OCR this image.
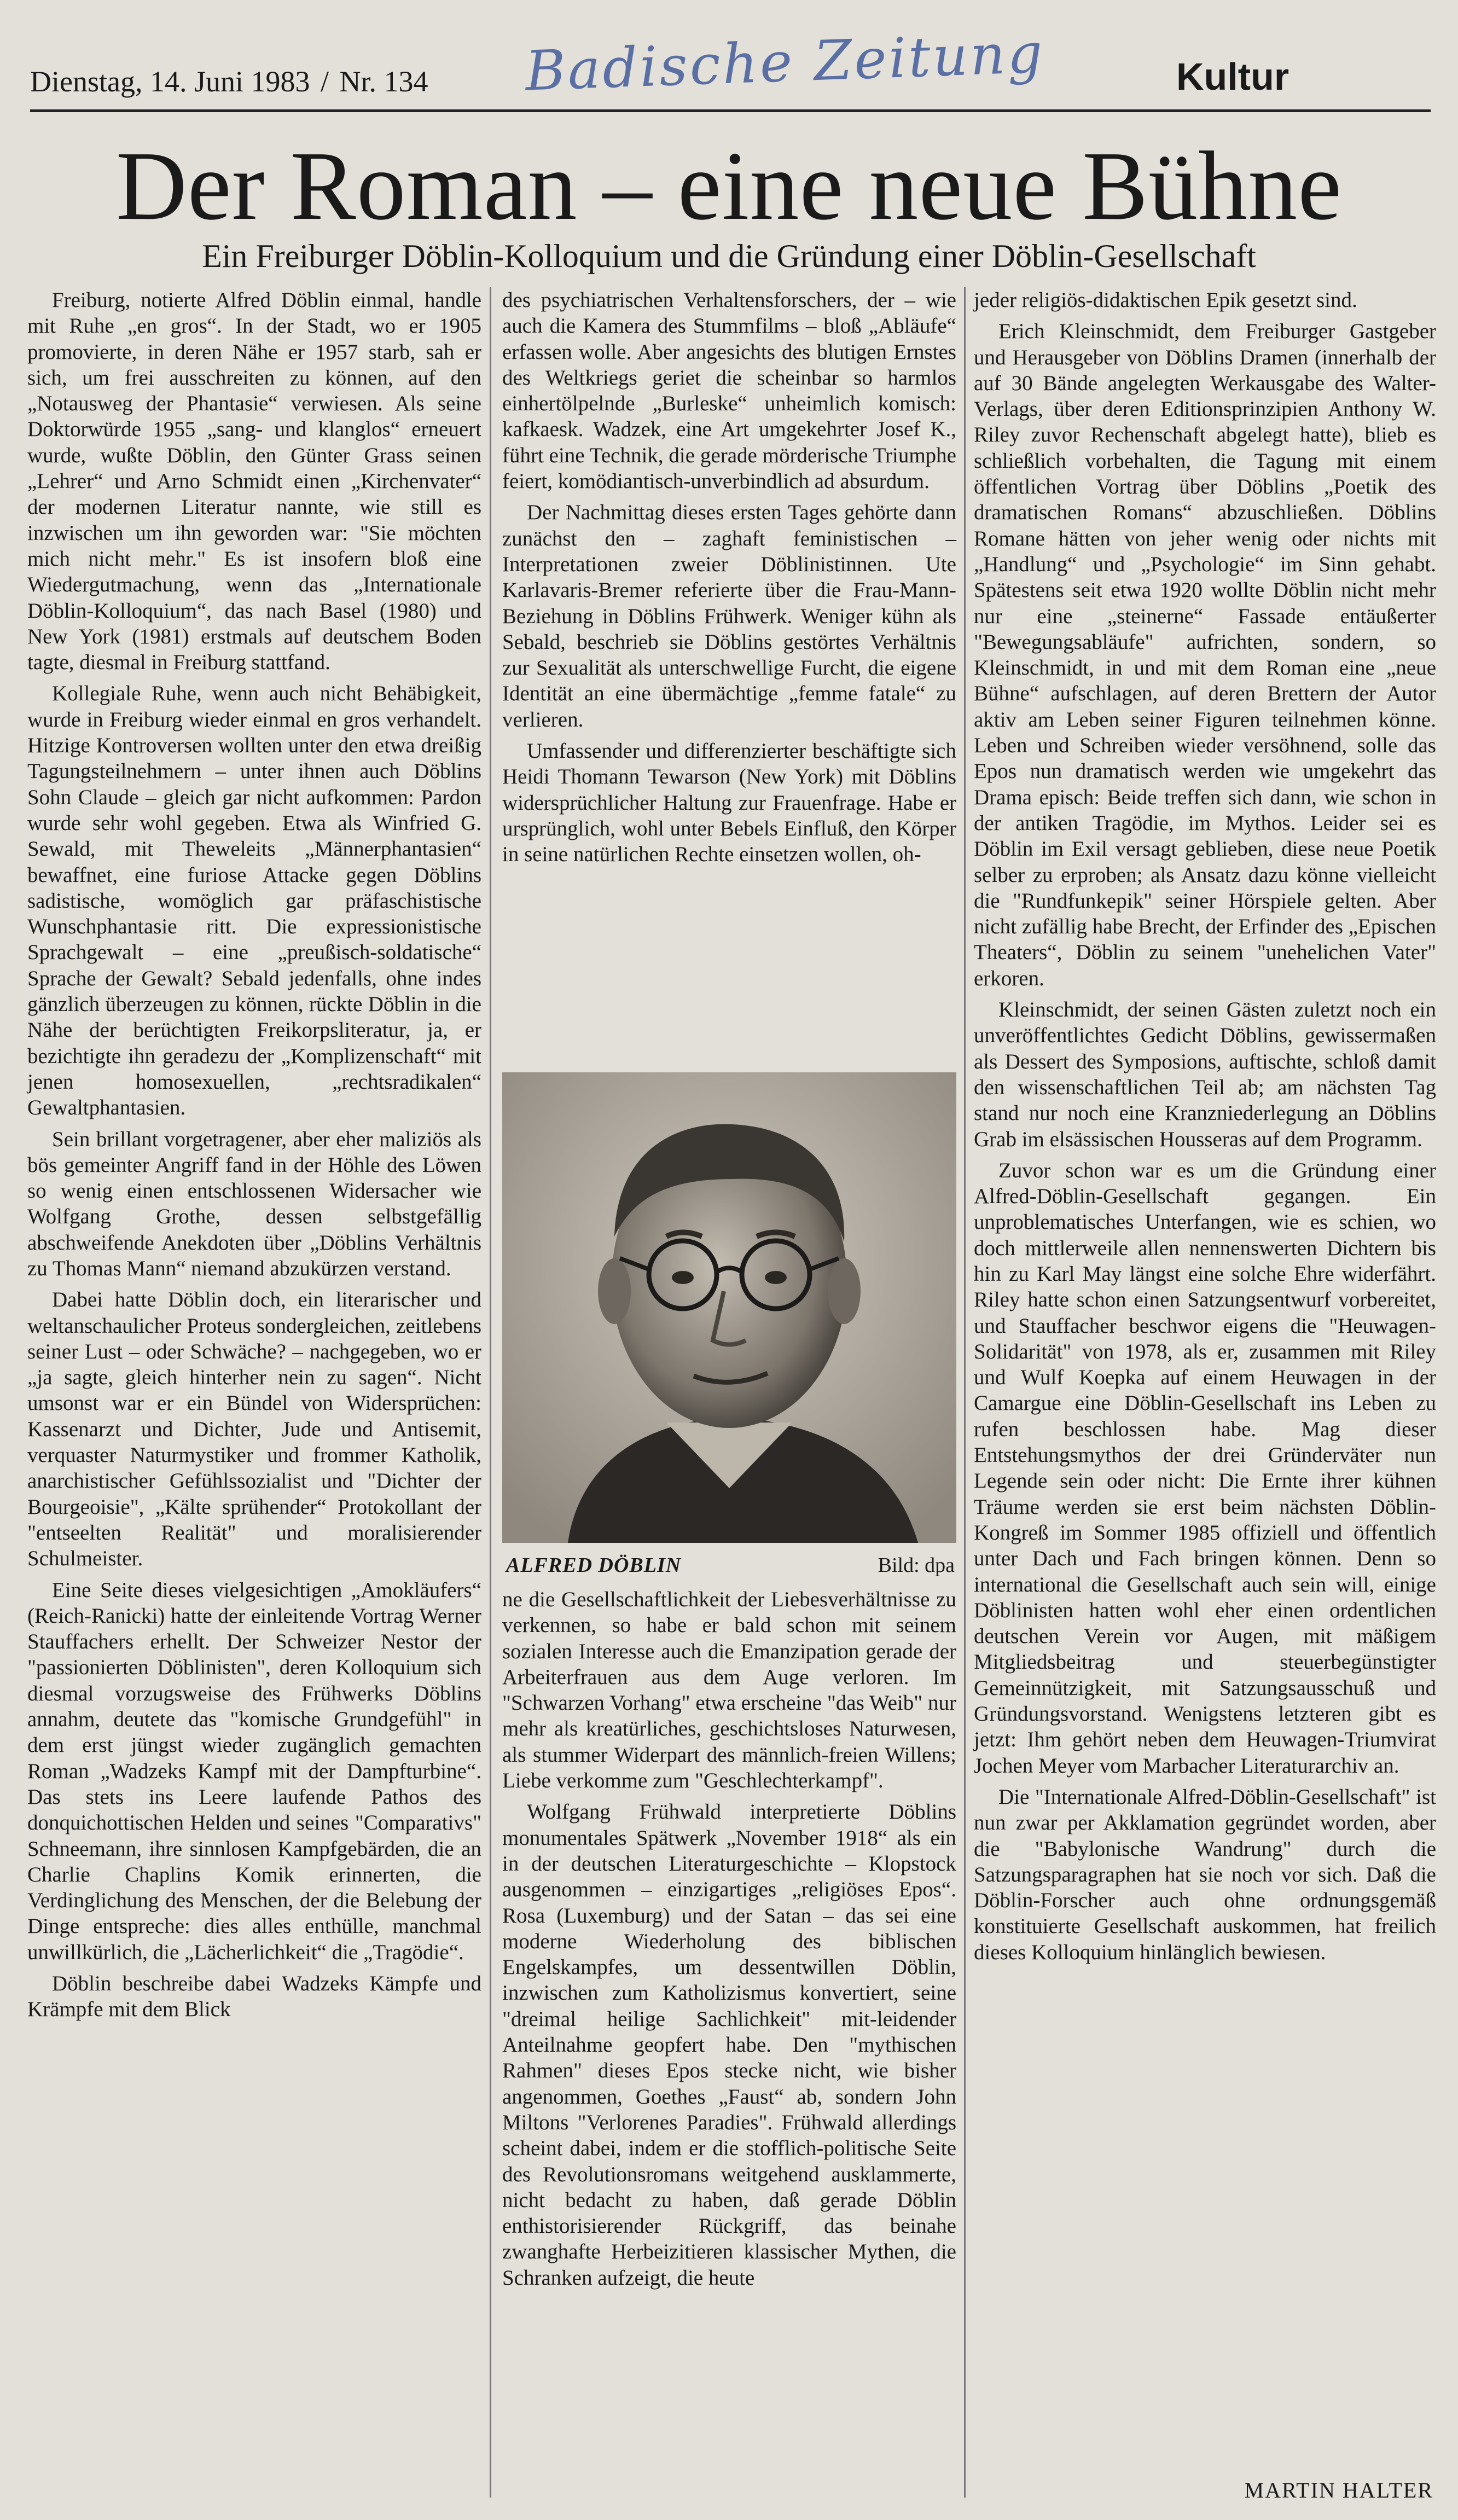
Badische Zeitung
Dienstag, 14. Juni 1983 / Nr. 134	Kultur
Der Roman – eine neue Bühne
Ein Freiburger Döblin-Kolloquium und die Gründung einer Döblin-Gesellschaft

Freiburg, notierte Alfred Döblin einmal, handle mit Ruhe „en gros“. In der Stadt, wo er 1905 promovierte, in deren Nähe er 1957 starb, sah er sich, um frei ausschreiten zu können, auf den „Notausweg der Phantasie“ verwiesen. Als seine Doktorwürde 1955 „sang- und klanglos“ erneuert wurde, wußte Döblin, den Günter Grass seinen „Lehrer“ und Arno Schmidt einen „Kirchenvater“ der modernen Literatur nannte, wie still es inzwischen um ihn geworden war: "Sie möchten mich nicht mehr." Es ist insofern bloß eine Wiedergutmachung, wenn das „Internationale Döblin-Kolloquium“, das nach Basel (1980) und New York (1981) erstmals auf deutschem Boden tagte, diesmal in Freiburg stattfand.

Kollegiale Ruhe, wenn auch nicht Behäbigkeit, wurde in Freiburg wieder einmal en gros verhandelt. Hitzige Kontroversen wollten unter den etwa dreißig Tagungsteilnehmern – unter ihnen auch Döblins Sohn Claude – gleich gar nicht aufkommen: Pardon wurde sehr wohl gegeben. Etwa als Winfried G. Sewald, mit Theweleits „Männerphantasien“ bewaffnet, eine furiose Attacke gegen Döblins sadistische, womöglich gar präfaschistische Wunschphantasie ritt. Die expressionistische Sprachgewalt – eine „preußisch-soldatische“ Sprache der Gewalt? Sebald jedenfalls, ohne indes gänzlich überzeugen zu können, rückte Döblin in die Nähe der berüchtigten Freikorpsliteratur, ja, er bezichtigte ihn geradezu der „Komplizenschaft“ mit jenen homosexuellen, „rechtsradikalen“ Gewaltphantasien.

Sein brillant vorgetragener, aber eher maliziös als bös gemeinter Angriff fand in der Höhle des Löwen so wenig einen entschlossenen Widersacher wie Wolfgang Grothe, dessen selbstgefällig abschweifende Anekdoten über „Döblins Verhältnis zu Thomas Mann“ niemand abzukürzen verstand.

Dabei hatte Döblin doch, ein literarischer und weltanschaulicher Proteus sondergleichen, zeitlebens seiner Lust – oder Schwäche? – nachgegeben, wo er „ja sagte, gleich hinterher nein zu sagen“. Nicht umsonst war er ein Bündel von Widersprüchen: Kassenarzt und Dichter, Jude und Antisemit, verquaster Naturmystiker und frommer Katholik, anarchistischer Gefühlssozialist und "Dichter der Bourgeoisie", „Kälte sprühender“ Protokollant der "entseelten Realität" und moralisierender Schulmeister.

Eine Seite dieses vielgesichtigen „Amokläufers“ (Reich-Ranicki) hatte der einleitende Vortrag Werner Stauffachers erhellt. Der Schweizer Nestor der "passionierten Döblinisten", deren Kolloquium sich diesmal vorzugsweise des Frühwerks Döblins annahm, deutete das "komische Grundgefühl" in dem erst jüngst wieder zugänglich gemachten Roman „Wadzeks Kampf mit der Dampfturbine“. Das stets ins Leere laufende Pathos des donquichottischen Helden und seines "Comparativs" Schneemann, ihre sinnlosen Kampfgebärden, die an Charlie Chaplins Komik erinnerten, die Verdinglichung des Menschen, der die Belebung der Dinge entspreche: dies alles enthülle, manchmal unwillkürlich, die „Lächerlichkeit“ die „Tragödie“.

Döblin beschreibe dabei Wadzeks Kämpfe und Krämpfe mit dem Blick

des psychiatrischen Verhaltensforschers, der – wie auch die Kamera des Stummfilms – bloß „Abläufe“ erfassen wolle. Aber angesichts des blutigen Ernstes des Weltkriegs geriet die scheinbar so harmlos einhertölpelnde „Burleske“ unheimlich komisch: kafkaesk. Wadzek, eine Art umgekehrter Josef K., führt eine Technik, die gerade mörderische Triumphe feiert, komödiantisch-unverbindlich ad absurdum.

Der Nachmittag dieses ersten Tages gehörte dann zunächst den – zaghaft feministischen – Interpretationen zweier Döblinistinnen. Ute Karlavaris-Bremer referierte über die Frau-Mann-Beziehung in Döblins Frühwerk. Weniger kühn als Sebald, beschrieb sie Döblins gestörtes Verhältnis zur Sexualität als unterschwellige Furcht, die eigene Identität an eine übermächtige „femme fatale“ zu verlieren.

Umfassender und differenzierter beschäftigte sich Heidi Thomann Tewarson (New York) mit Döblins widersprüchlicher Haltung zur Frauenfrage. Habe er ursprünglich, wohl unter Bebels Einfluß, den Körper in seine natürlichen Rechte einsetzen wollen, oh-

ALFRED DÖBLIN	Bild: dpa

ne die Gesellschaftlichkeit der Liebesverhältnisse zu verkennen, so habe er bald schon mit seinem sozialen Interesse auch die Emanzipation gerade der Arbeiterfrauen aus dem Auge verloren. Im "Schwarzen Vorhang" etwa erscheine "das Weib" nur mehr als kreatürliches, geschichtsloses Naturwesen, als stummer Widerpart des männlich-freien Willens; Liebe verkomme zum "Geschlechterkampf".

Wolfgang Frühwald interpretierte Döblins monumentales Spätwerk „November 1918“ als ein in der deutschen Literaturgeschichte – Klopstock ausgenommen – einzigartiges „religiöses Epos“. Rosa (Luxemburg) und der Satan – das sei eine moderne Wiederholung des biblischen Engelskampfes, um dessentwillen Döblin, inzwischen zum Katholizismus konvertiert, seine "dreimal heilige Sachlichkeit" mit-leidender Anteilnahme geopfert habe. Den "mythischen Rahmen" dieses Epos stecke nicht, wie bisher angenommen, Goethes „Faust“ ab, sondern John Miltons "Verlorenes Paradies". Frühwald allerdings scheint dabei, indem er die stofflich-politische Seite des Revolutionsromans weitgehend ausklammerte, nicht bedacht zu haben, daß gerade Döblin enthistorisierender Rückgriff, das beinahe zwanghafte Herbeizitieren klassischer Mythen, die Schranken aufzeigt, die heute

jeder religiös-didaktischen Epik gesetzt sind.

Erich Kleinschmidt, dem Freiburger Gastgeber und Herausgeber von Döblins Dramen (innerhalb der auf 30 Bände angelegten Werkausgabe des Walter-Verlags, über deren Editionsprinzipien Anthony W. Riley zuvor Rechenschaft abgelegt hatte), blieb es schließlich vorbehalten, die Tagung mit einem öffentlichen Vortrag über Döblins „Poetik des dramatischen Romans“ abzuschließen. Döblins Romane hätten von jeher wenig oder nichts mit „Handlung“ und „Psychologie“ im Sinn gehabt. Spätestens seit etwa 1920 wollte Döblin nicht mehr nur eine „steinerne“ Fassade entäußerter "Bewegungsabläufe" aufrichten, sondern, so Kleinschmidt, in und mit dem Roman eine „neue Bühne“ aufschlagen, auf deren Brettern der Autor aktiv am Leben seiner Figuren teilnehmen könne. Leben und Schreiben wieder versöhnend, solle das Epos nun dramatisch werden wie umgekehrt das Drama episch: Beide treffen sich dann, wie schon in der antiken Tragödie, im Mythos. Leider sei es Döblin im Exil versagt geblieben, diese neue Poetik selber zu erproben; als Ansatz dazu könne vielleicht die "Rundfunkepik" seiner Hörspiele gelten. Aber nicht zufällig habe Brecht, der Erfinder des „Epischen Theaters“, Döblin zu seinem "unehelichen Vater" erkoren.

Kleinschmidt, der seinen Gästen zuletzt noch ein unveröffentlichtes Gedicht Döblins, gewissermaßen als Dessert des Symposions, auftischte, schloß damit den wissenschaftlichen Teil ab; am nächsten Tag stand nur noch eine Kranzniederlegung an Döblins Grab im elsässischen Housseras auf dem Programm.

Zuvor schon war es um die Gründung einer Alfred-Döblin-Gesellschaft gegangen. Ein unproblematisches Unterfangen, wie es schien, wo doch mittlerweile allen nennenswerten Dichtern bis hin zu Karl May längst eine solche Ehre widerfährt. Riley hatte schon einen Satzungsentwurf vorbereitet, und Stauffacher beschwor eigens die "Heuwagen-Solidarität" von 1978, als er, zusammen mit Riley und Wulf Koepka auf einem Heuwagen in der Camargue eine Döblin-Gesellschaft ins Leben zu rufen beschlossen habe. Mag dieser Entstehungsmythos der drei Gründerväter nun Legende sein oder nicht: Die Ernte ihrer kühnen Träume werden sie erst beim nächsten Döblin-Kongreß im Sommer 1985 offiziell und öffentlich unter Dach und Fach bringen können. Denn so international die Gesellschaft auch sein will, einige Döblinisten hatten wohl eher einen ordentlichen deutschen Verein vor Augen, mit mäßigem Mitgliedsbeitrag und steuerbegünstigter Gemeinnützigkeit, mit Satzungsausschuß und Gründungsvorstand. Wenigstens letzteren gibt es jetzt: Ihm gehört neben dem Heuwagen-Triumvirat Jochen Meyer vom Marbacher Literaturarchiv an.

Die "Internationale Alfred-Döblin-Gesellschaft" ist nun zwar per Akklamation gegründet worden, aber die "Babylonische Wandrung" durch die Satzungsparagraphen hat sie noch vor sich. Daß die Döblin-Forscher auch ohne ordnungsgemäß konstituierte Gesellschaft auskommen, hat freilich dieses Kolloquium hinlänglich bewiesen.

MARTIN HALTER
